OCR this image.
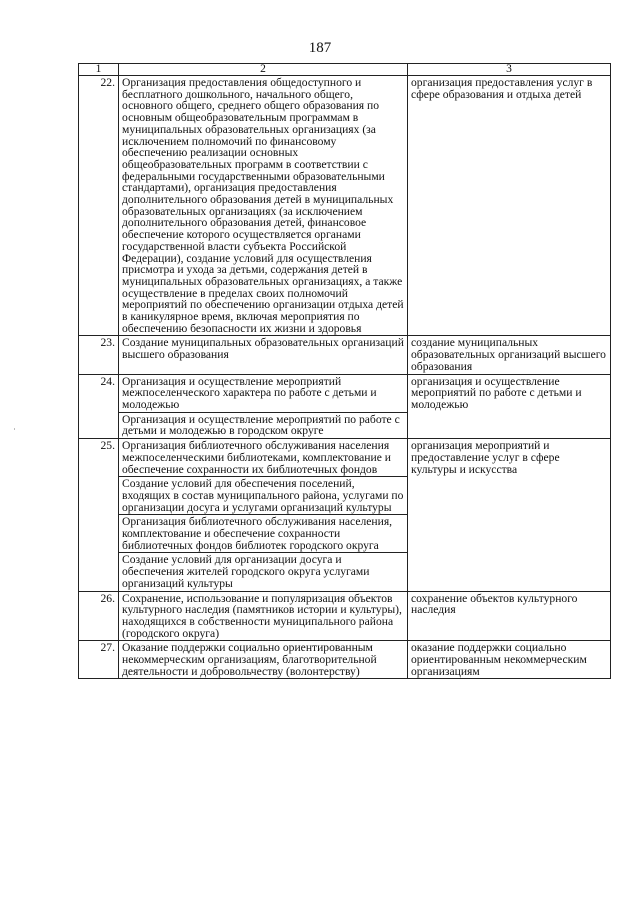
187
ʾ
1	2	3
22.	Организация предоставления общедоступного и бесплатного дошкольного, начального общего, основного общего, среднего общего образования по основным общеобразовательным программам в муниципальных образовательных организациях (за исключением полномочий по финансовому обеспечению реализации основных общеобразовательных программ в соответствии с федеральными государственными образовательными стандартами), организация предоставления дополнительного образования детей в муниципальных образовательных организациях (за исключением дополнительного образования детей, финансовое обеспечение которого осуществляется органами государственной власти субъекта Российской Федерации), создание условий для осуществления присмотра и ухода за детьми, содержания детей в муниципальных образовательных организациях, а также осуществление в пределах своих полномочий мероприятий по обеспечению организации отдыха детей в каникулярное время, включая мероприятия по обеспечению безопасности их жизни и здоровья	организация предоставления услуг в сфере образования и отдыха детей
23.	Создание муниципальных образовательных организаций высшего образования	создание муниципальных образовательных организаций высшего образования
24.	Организация и осуществление мероприятий межпоселенческого характера по работе с детьми и молодежью	организация и осуществление мероприятий по работе с детьми и молодежью
	Организация и осуществление мероприятий по работе с детьми и молодежью в городском округе	
25.	Организация библиотечного обслуживания населения межпоселенческими библиотеками, комплектование и обеспечение сохранности их библиотечных фондов	организация мероприятий и предоставление услуг в сфере культуры и искусства
	Создание условий для обеспечения поселений, входящих в состав муниципального района, услугами по организации досуга и услугами организаций культуры	
	Организация библиотечного обслуживания населения, комплектование и обеспечение сохранности библиотечных фондов библиотек городского округа	
	Создание условий для организации досуга и обеспечения жителей городского округа услугами организаций культуры	
26.	Сохранение, использование и популяризация объектов культурного наследия (памятников истории и культуры), находящихся в собственности муниципального района (городского округа)	сохранение объектов культурного наследия
27.	Оказание поддержки социально ориентированным некоммерческим организациям, благотворительной деятельности и добровольчеству (волонтерству)	оказание поддержки социально ориентированным некоммерческим организациям
